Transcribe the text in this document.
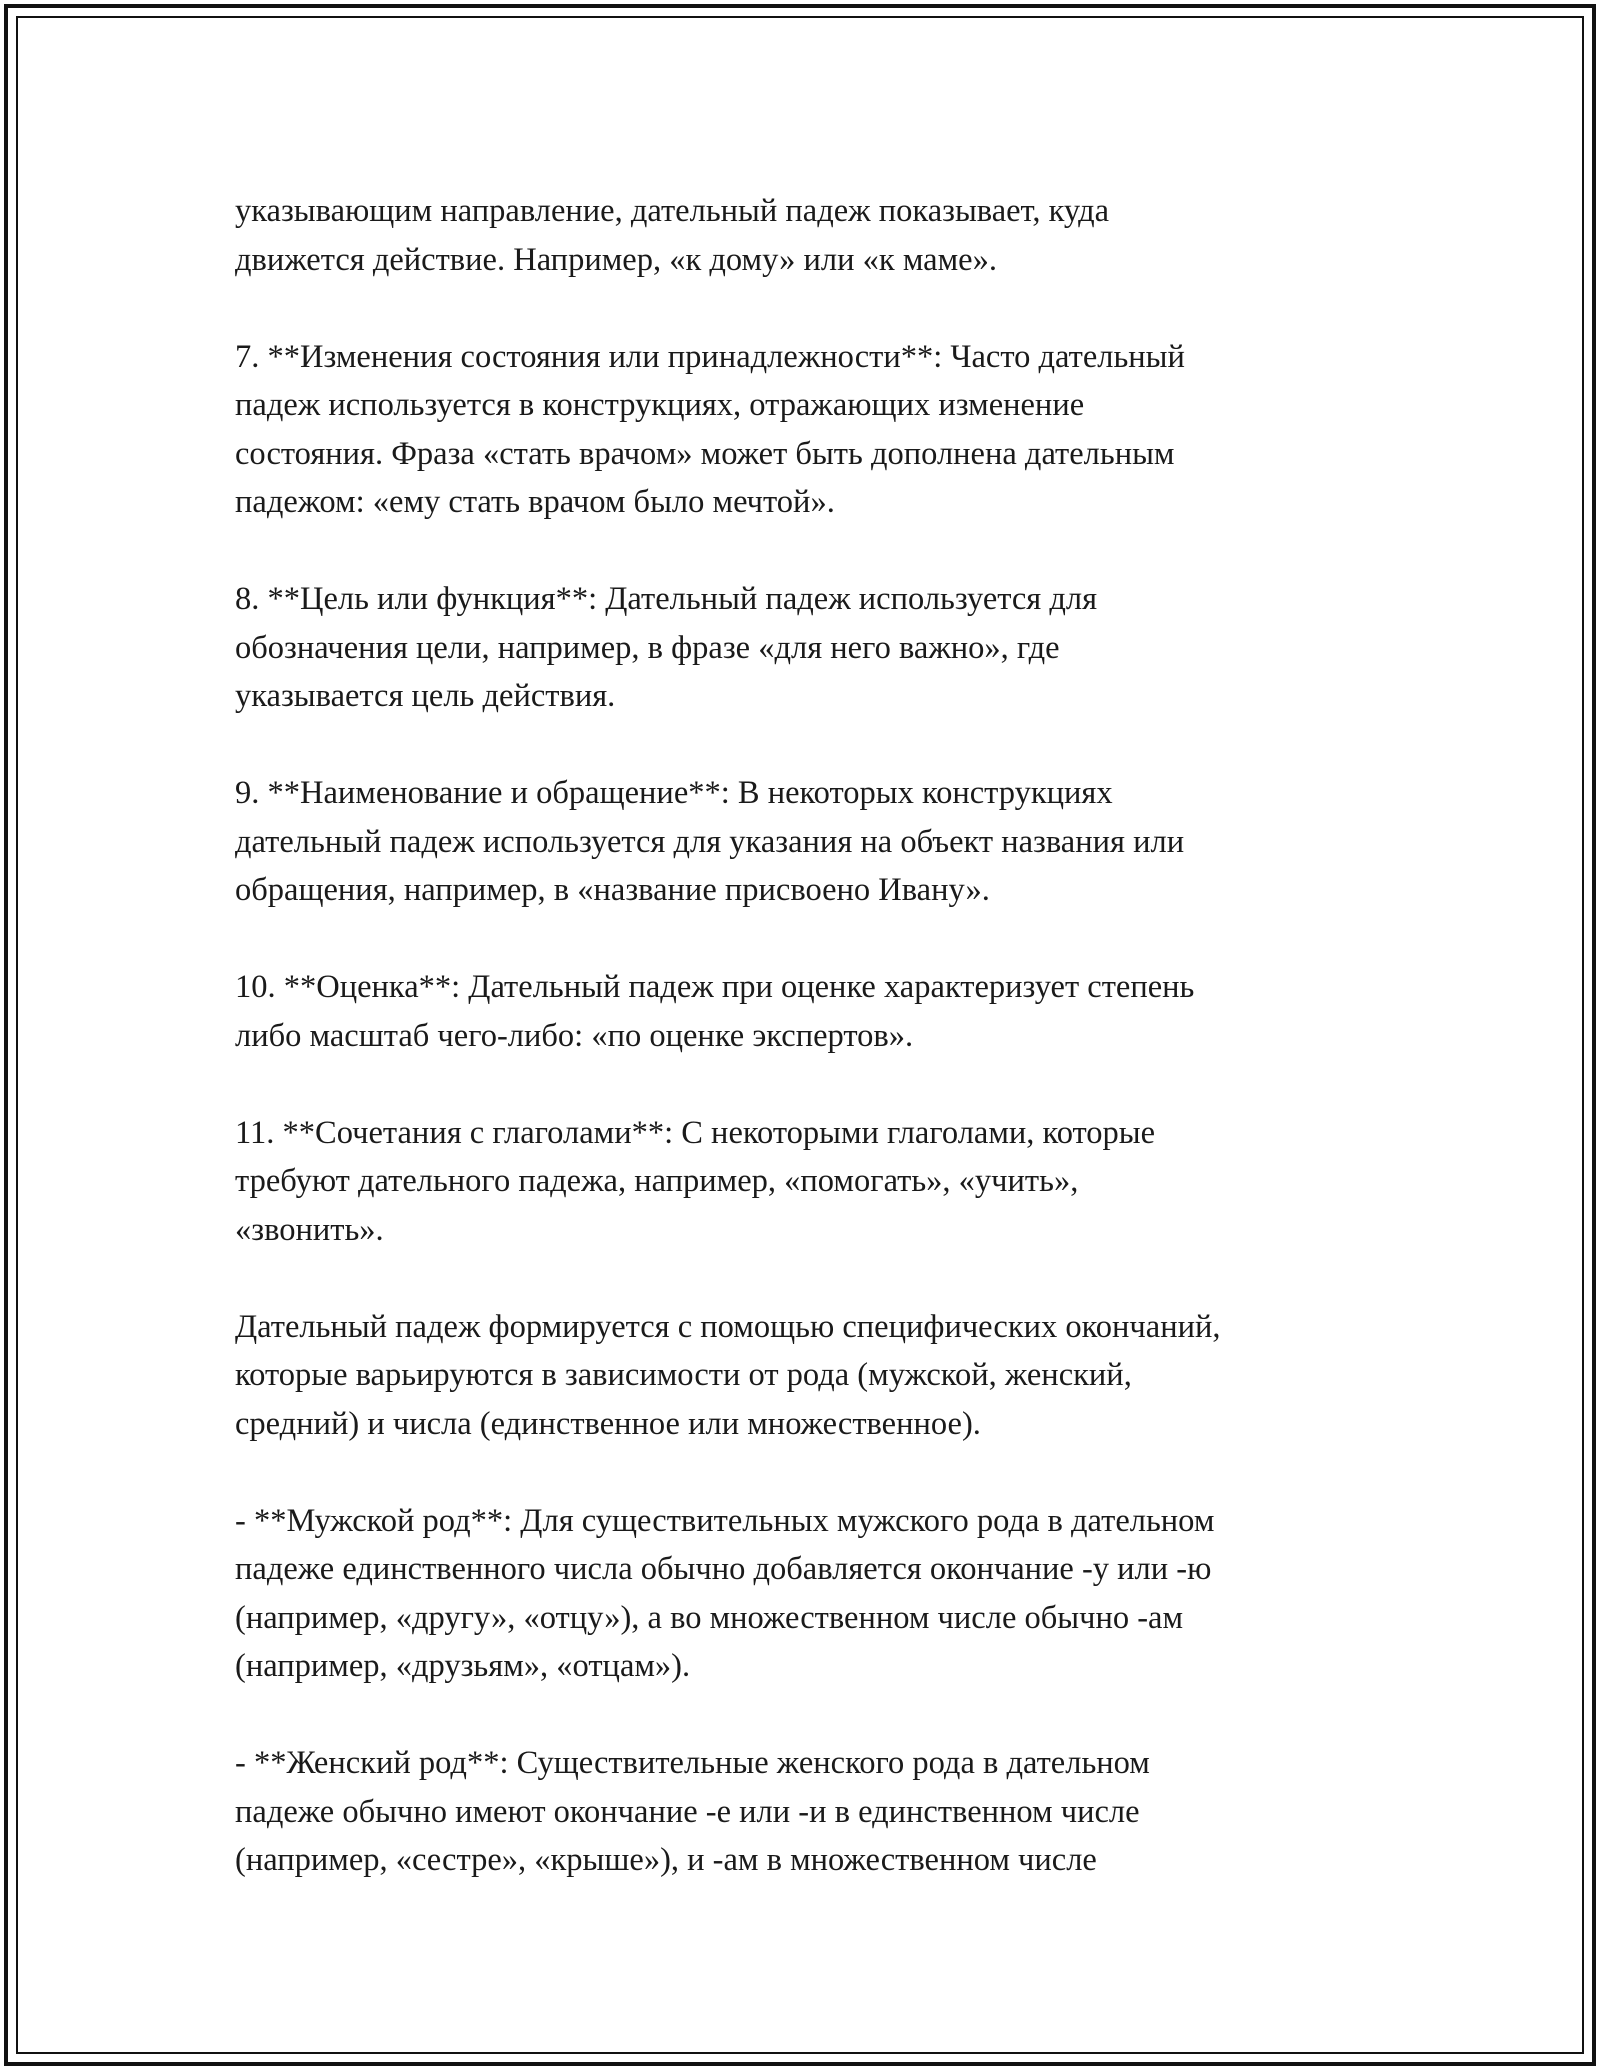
указывающим направление, дательный падеж показывает, куда
движется действие. Например, «к дому» или «к маме».

7. **Изменения состояния или принадлежности**: Часто дательный
падеж используется в конструкциях, отражающих изменение
состояния. Фраза «стать врачом» может быть дополнена дательным
падежом: «ему стать врачом было мечтой».

8. **Цель или функция**: Дательный падеж используется для
обозначения цели, например, в фразе «для него важно», где
указывается цель действия.

9. **Наименование и обращение**: В некоторых конструкциях
дательный падеж используется для указания на объект названия или
обращения, например, в «название присвоено Ивану».

10. **Оценка**: Дательный падеж при оценке характеризует степень
либо масштаб чего-либо: «по оценке экспертов».

11. **Сочетания с глаголами**: С некоторыми глаголами, которые
требуют дательного падежа, например, «помогать», «учить»,
«звонить».

Дательный падеж формируется с помощью специфических окончаний,
которые варьируются в зависимости от рода (мужской, женский,
средний) и числа (единственное или множественное).

- **Мужской род**: Для существительных мужского рода в дательном
падеже единственного числа обычно добавляется окончание -у или -ю
(например, «другу», «отцу»), а во множественном числе обычно -ам
(например, «друзьям», «отцам»).

- **Женский род**: Существительные женского рода в дательном
падеже обычно имеют окончание -е или -и в единственном числе
(например, «сестре», «крыше»), и -ам в множественном числе
